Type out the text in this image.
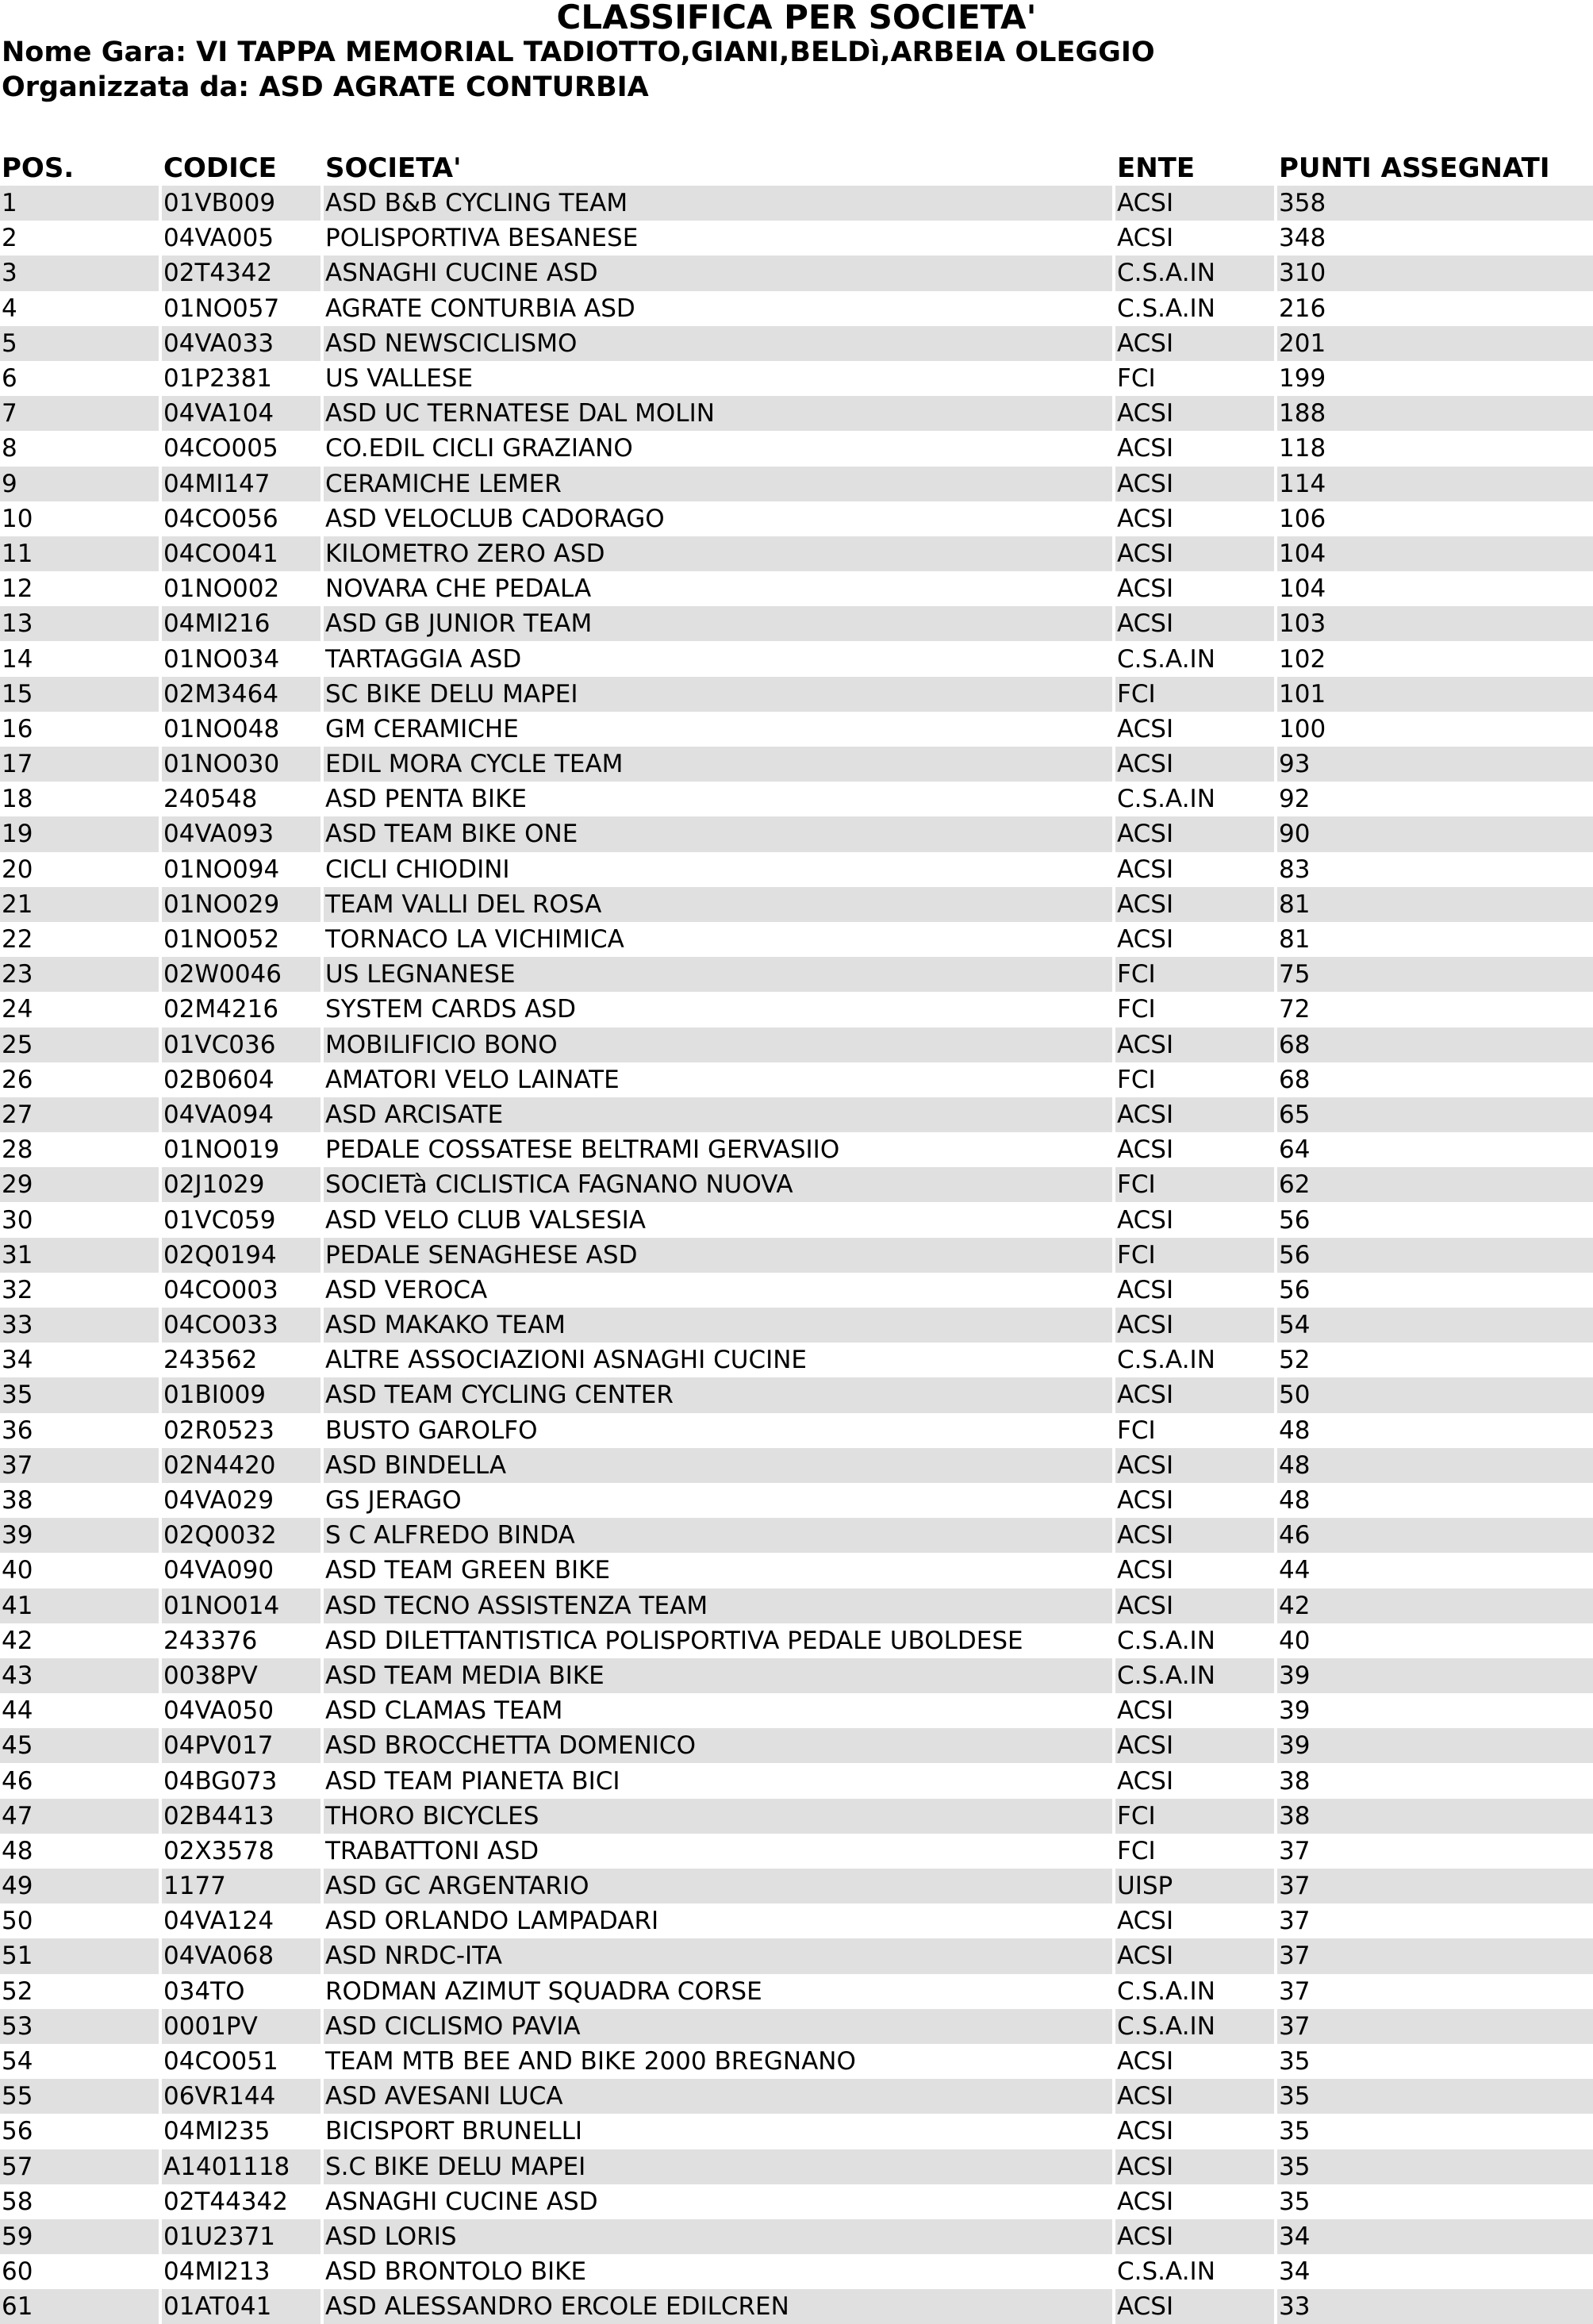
CLASSIFICA PER SOCIETA'
Nome Gara: VI TAPPA MEMORIAL TADIOTTO,GIANI,BELDì,ARBEIA OLEGGIO
Organizzata da: ASD AGRATE CONTURBIA
POS.	CODICE	SOCIETA'	ENTE	PUNTI ASSEGNATI
1	01VB009	ASD B&B CYCLING TEAM	ACSI	358
2	04VA005	POLISPORTIVA BESANESE	ACSI	348
3	02T4342	ASNAGHI CUCINE ASD	C.S.A.IN	310
4	01NO057	AGRATE CONTURBIA ASD	C.S.A.IN	216
5	04VA033	ASD NEWSCICLISMO	ACSI	201
6	01P2381	US VALLESE	FCI	199
7	04VA104	ASD UC TERNATESE DAL MOLIN	ACSI	188
8	04CO005	CO.EDIL CICLI GRAZIANO	ACSI	118
9	04MI147	CERAMICHE LEMER	ACSI	114
10	04CO056	ASD VELOCLUB CADORAGO	ACSI	106
11	04CO041	KILOMETRO ZERO ASD	ACSI	104
12	01NO002	NOVARA CHE PEDALA	ACSI	104
13	04MI216	ASD GB JUNIOR TEAM	ACSI	103
14	01NO034	TARTAGGIA ASD	C.S.A.IN	102
15	02M3464	SC BIKE DELU MAPEI	FCI	101
16	01NO048	GM CERAMICHE	ACSI	100
17	01NO030	EDIL MORA CYCLE TEAM	ACSI	93
18	240548	ASD PENTA BIKE	C.S.A.IN	92
19	04VA093	ASD TEAM BIKE ONE	ACSI	90
20	01NO094	CICLI CHIODINI	ACSI	83
21	01NO029	TEAM VALLI DEL ROSA	ACSI	81
22	01NO052	TORNACO LA VICHIMICA	ACSI	81
23	02W0046	US LEGNANESE	FCI	75
24	02M4216	SYSTEM CARDS ASD	FCI	72
25	01VC036	MOBILIFICIO BONO	ACSI	68
26	02B0604	AMATORI VELO LAINATE	FCI	68
27	04VA094	ASD ARCISATE	ACSI	65
28	01NO019	PEDALE COSSATESE BELTRAMI GERVASIIO	ACSI	64
29	02J1029	SOCIETà CICLISTICA FAGNANO NUOVA	FCI	62
30	01VC059	ASD VELO CLUB VALSESIA	ACSI	56
31	02Q0194	PEDALE SENAGHESE ASD	FCI	56
32	04CO003	ASD VEROCA	ACSI	56
33	04CO033	ASD MAKAKO TEAM	ACSI	54
34	243562	ALTRE ASSOCIAZIONI ASNAGHI CUCINE	C.S.A.IN	52
35	01BI009	ASD TEAM CYCLING CENTER	ACSI	50
36	02R0523	BUSTO GAROLFO	FCI	48
37	02N4420	ASD BINDELLA	ACSI	48
38	04VA029	GS JERAGO	ACSI	48
39	02Q0032	S C ALFREDO BINDA	ACSI	46
40	04VA090	ASD TEAM GREEN BIKE	ACSI	44
41	01NO014	ASD TECNO ASSISTENZA TEAM	ACSI	42
42	243376	ASD DILETTANTISTICA POLISPORTIVA PEDALE UBOLDESE	C.S.A.IN	40
43	0038PV	ASD TEAM MEDIA BIKE	C.S.A.IN	39
44	04VA050	ASD CLAMAS TEAM	ACSI	39
45	04PV017	ASD BROCCHETTA DOMENICO	ACSI	39
46	04BG073	ASD TEAM PIANETA BICI	ACSI	38
47	02B4413	THORO BICYCLES	FCI	38
48	02X3578	TRABATTONI ASD	FCI	37
49	1177	ASD GC ARGENTARIO	UISP	37
50	04VA124	ASD ORLANDO LAMPADARI	ACSI	37
51	04VA068	ASD NRDC-ITA	ACSI	37
52	034TO	RODMAN AZIMUT SQUADRA CORSE	C.S.A.IN	37
53	0001PV	ASD CICLISMO PAVIA	C.S.A.IN	37
54	04CO051	TEAM MTB BEE AND BIKE 2000 BREGNANO	ACSI	35
55	06VR144	ASD AVESANI LUCA	ACSI	35
56	04MI235	BICISPORT BRUNELLI	ACSI	35
57	A1401118	S.C BIKE DELU MAPEI	ACSI	35
58	02T44342	ASNAGHI CUCINE ASD	ACSI	35
59	01U2371	ASD LORIS	ACSI	34
60	04MI213	ASD BRONTOLO BIKE	C.S.A.IN	34
61	01AT041	ASD ALESSANDRO ERCOLE EDILCREN	ACSI	33
